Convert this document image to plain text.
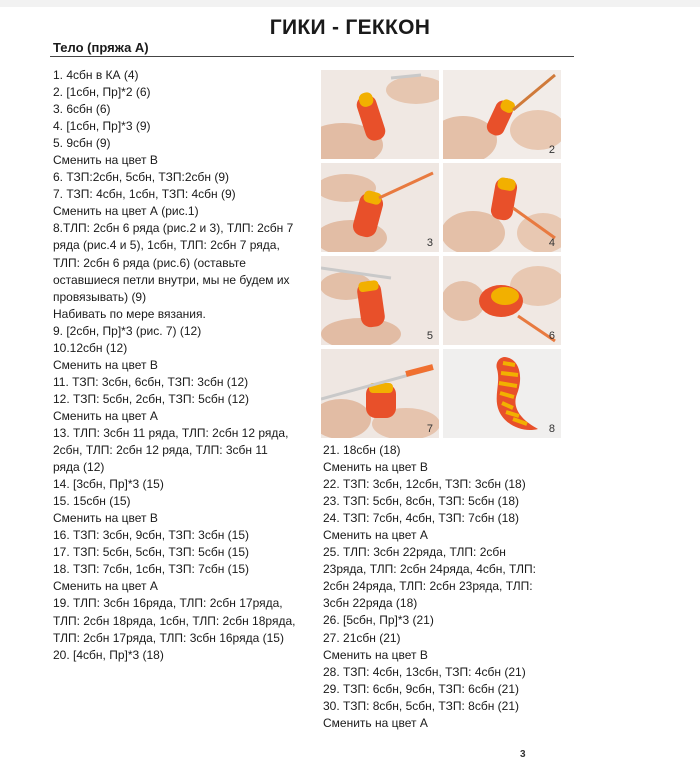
ГИКИ - ГЕККОН
Тело (пряжа А)
1. 4сбн в КА (4)
2. [1сбн, Пр]*2 (6)
3. 6сбн (6)
4. [1сбн, Пр]*3 (9)
5. 9сбн (9)
Сменить на цвет В
6. ТЗП:2сбн, 5сбн, ТЗП:2сбн (9)
7. ТЗП: 4сбн, 1сбн, ТЗП: 4сбн (9)
Сменить на цвет А (рис.1)
8.ТЛП: 2сбн 6 ряда (рис.2 и 3), ТЛП: 2сбн 7
ряда (рис.4 и 5), 1сбн, ТЛП: 2сбн 7 ряда,
ТЛП: 2сбн 6 ряда (рис.6) (оставьте
оставшиеся петли внутри, мы не будем их
провязывать) (9)
Набивать по мере вязания.
9. [2сбн, Пр]*3 (рис. 7) (12)
10.12сбн (12)
Сменить на цвет В
11. ТЗП: 3сбн, 6сбн, ТЗП: 3сбн (12)
12. ТЗП: 5сбн, 2сбн, ТЗП: 5сбн (12)
Сменить на цвет А
13. ТЛП: 3сбн 11 ряда, ТЛП: 2сбн 12 ряда,
2сбн, ТЛП: 2сбн 12 ряда, ТЛП: 3сбн 11
ряда (12)
14. [3сбн, Пр]*3 (15)
15. 15сбн (15)
Сменить на цвет В
16. ТЗП: 3сбн, 9сбн, ТЗП: 3сбн (15)
17. ТЗП: 5сбн, 5сбн, ТЗП: 5сбн (15)
18. ТЗП: 7сбн, 1сбн, ТЗП: 7сбн (15)
Сменить на цвет А
19. ТЛП: 3сбн 16ряда, ТЛП: 2сбн 17ряда,
ТЛП: 2сбн 18ряда, 1сбн, ТЛП: 2сбн 18ряда,
ТЛП: 2сбн 17ряда, ТЛП: 3сбн 16ряда (15)
20. [4сбн, Пр]*3 (18)
2
3	4
5	6
7	8
21. 18сбн (18)
Сменить на цвет В
22. ТЗП: 3сбн, 12сбн, ТЗП: 3сбн (18)
23. ТЗП: 5сбн, 8сбн, ТЗП: 5сбн (18)
24. ТЗП: 7сбн, 4сбн, ТЗП: 7сбн (18)
Сменить на цвет А
25. ТЛП: 3сбн 22ряда, ТЛП: 2сбн
23ряда, ТЛП: 2сбн 24ряда, 4сбн, ТЛП:
2сбн 24ряда, ТЛП: 2сбн 23ряда, ТЛП:
3сбн 22ряда (18)
26. [5сбн, Пр]*3 (21)
27. 21сбн (21)
Сменить на цвет В
28. ТЗП: 4сбн, 13сбн, ТЗП: 4сбн (21)
29. ТЗП: 6сбн, 9сбн, ТЗП: 6сбн (21)
30. ТЗП: 8сбн, 5сбн, ТЗП: 8сбн (21)
Сменить на цвет А
3
